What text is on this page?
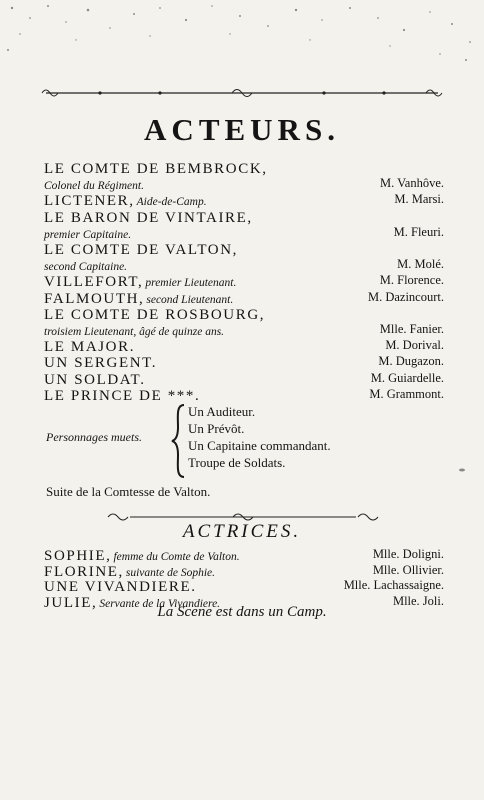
ACTEURS.
LE COMTE DE BEMBROCK,
Colonel du Régiment.	M. Vanhôve.
LICTENER, Aide-de-Camp.	M. Marsi.
LE BARON DE VINTAIRE,
premier Capitaine.	M. Fleuri.
LE COMTE DE VALTON,
second Capitaine.	M. Molé.
VILLEFORT, premier Lieutenant.	M. Florence.
FALMOUTH, second Lieutenant.	M. Dazincourt.
LE COMTE DE ROSBOURG,
troisiem Lieutenant, âgé de quinze ans.	Mlle. Fanier.
LE MAJOR.	M. Dorival.
UN SERGENT.	M. Dugazon.
UN SOLDAT.	M. Guiardelle.
LE PRINCE DE ***.	M. Grammont.
Personnages muets.
Un Auditeur.
Un Prévôt.
Un Capitaine commandant.
Troupe de Soldats.
Suite de la Comtesse de Valton.
ACTRICES.
SOPHIE, femme du Comte de Valton.	Mlle. Doligni.
FLORINE, suivante de Sophie.	Mlle. Ollivier.
UNE VIVANDIERE.	Mlle. Lachassaigne.
JULIE, Servante de la Vivandiere.	Mlle. Joli.
La Scene est dans un Camp.
